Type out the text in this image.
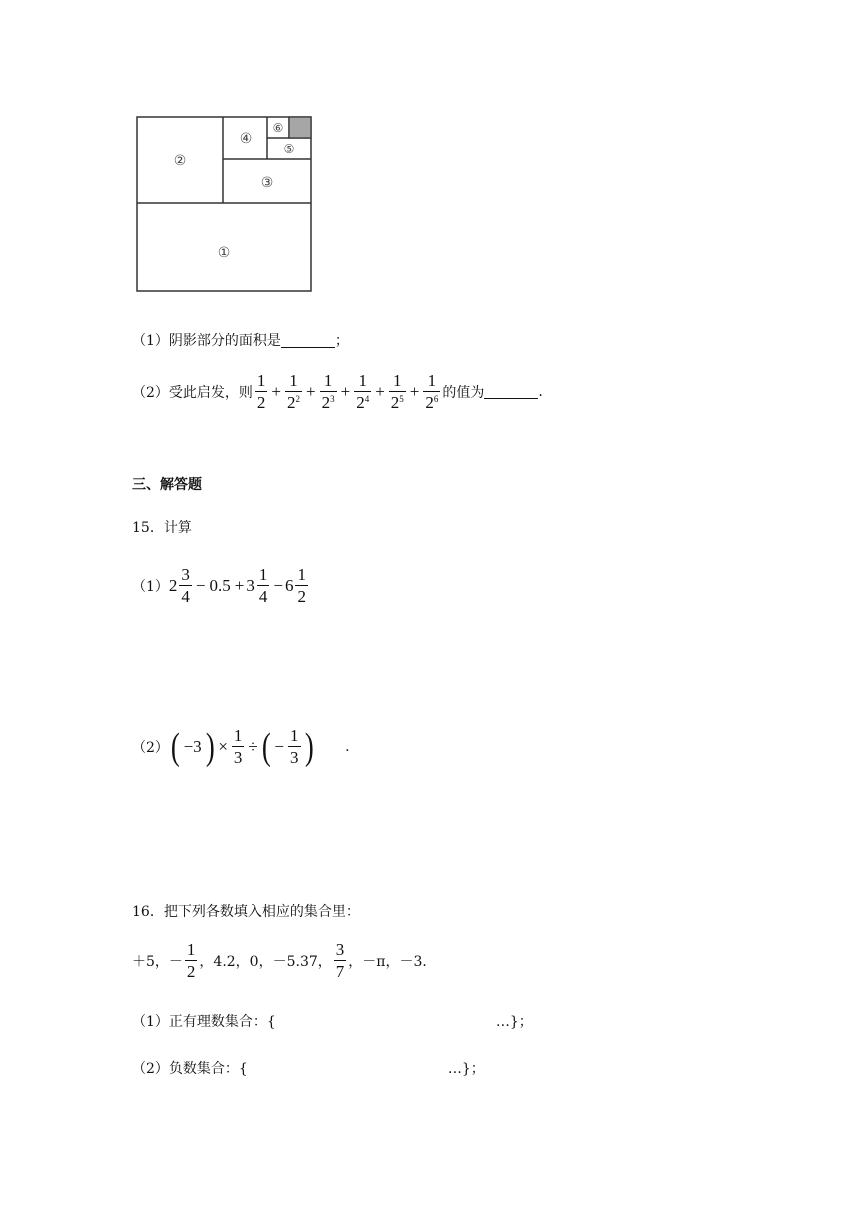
①
②
③
④
⑤
⑥
（1）阴影部分的面积是	；
（2）受此启发，则 $\frac{1}{2} + \frac{1}{2^2} + \frac{1}{2^3} + \frac{1}{2^4} + \frac{1}{2^5} + \frac{1}{2^6}$ 的值为	.
三、解答题
15．计算
（1） $2 \frac{3}{4} - 0.5 + 3 \frac{1}{4} - 6 \frac{1}{2}$
（2） ( −3 ) × $\frac{1}{3}$ ÷ ( − $\frac{1}{3}$ ) .
16．把下列各数填入相应的集合里：
＋5， － $\frac{1}{2}$ ，4.2，0，－5.37， $\frac{3}{7}$ ，－π，－3．
（1）正有理数集合：{	…}；
（2）负数集合：{	…}；
